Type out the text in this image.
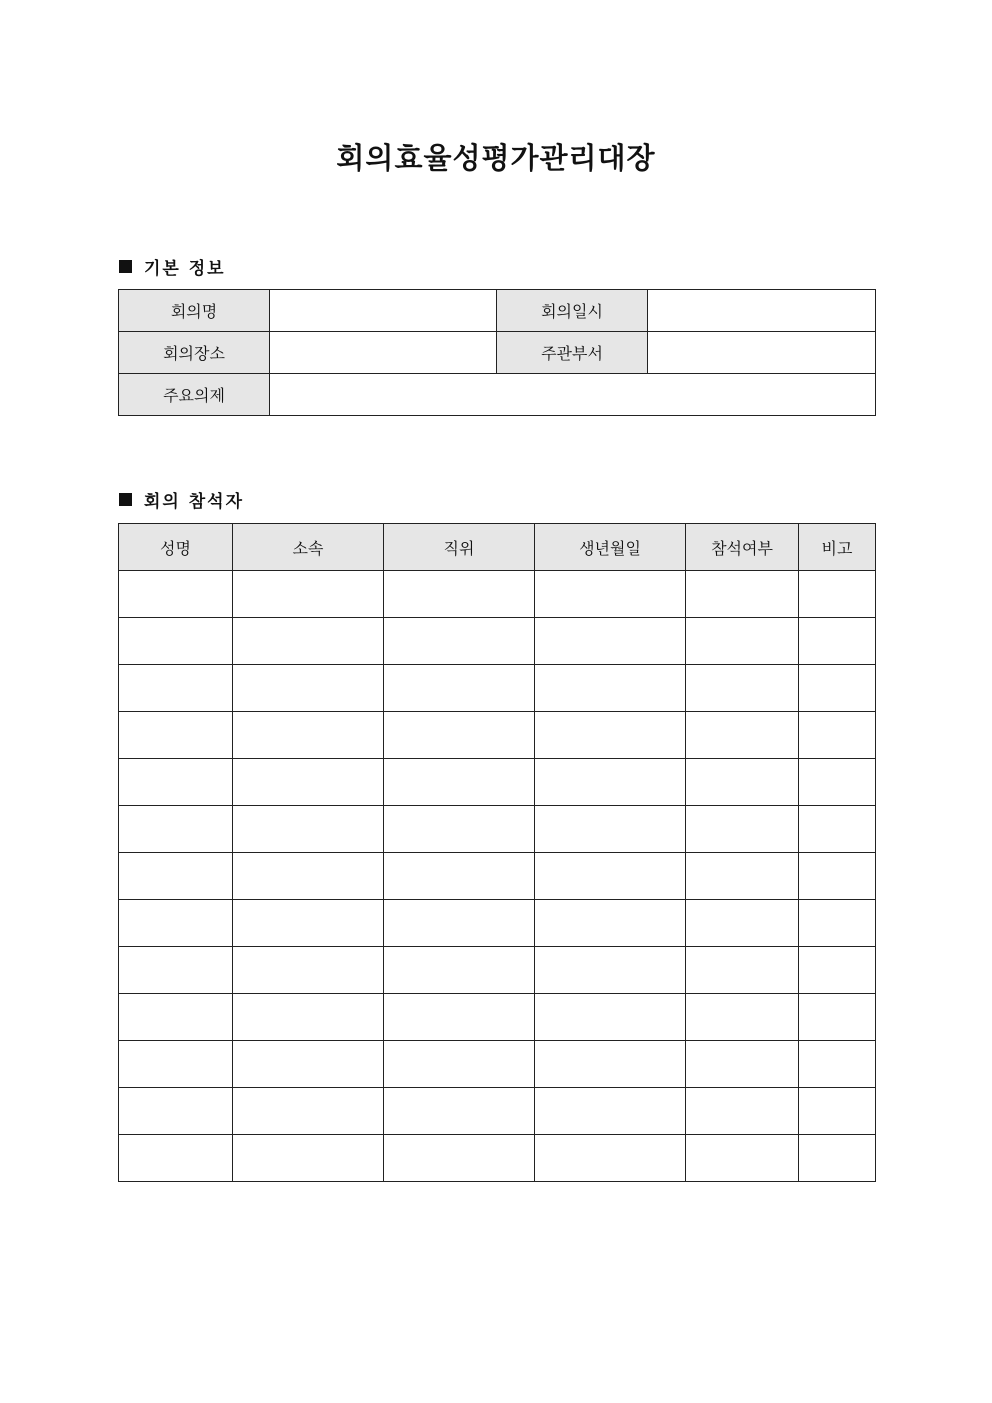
회의효율성평가관리대장
기본 정보
회의명		회의일시	
회의장소		주관부서	
주요의제			
회의 참석자
성명	소속	직위	생년월일	참석여부	비고
